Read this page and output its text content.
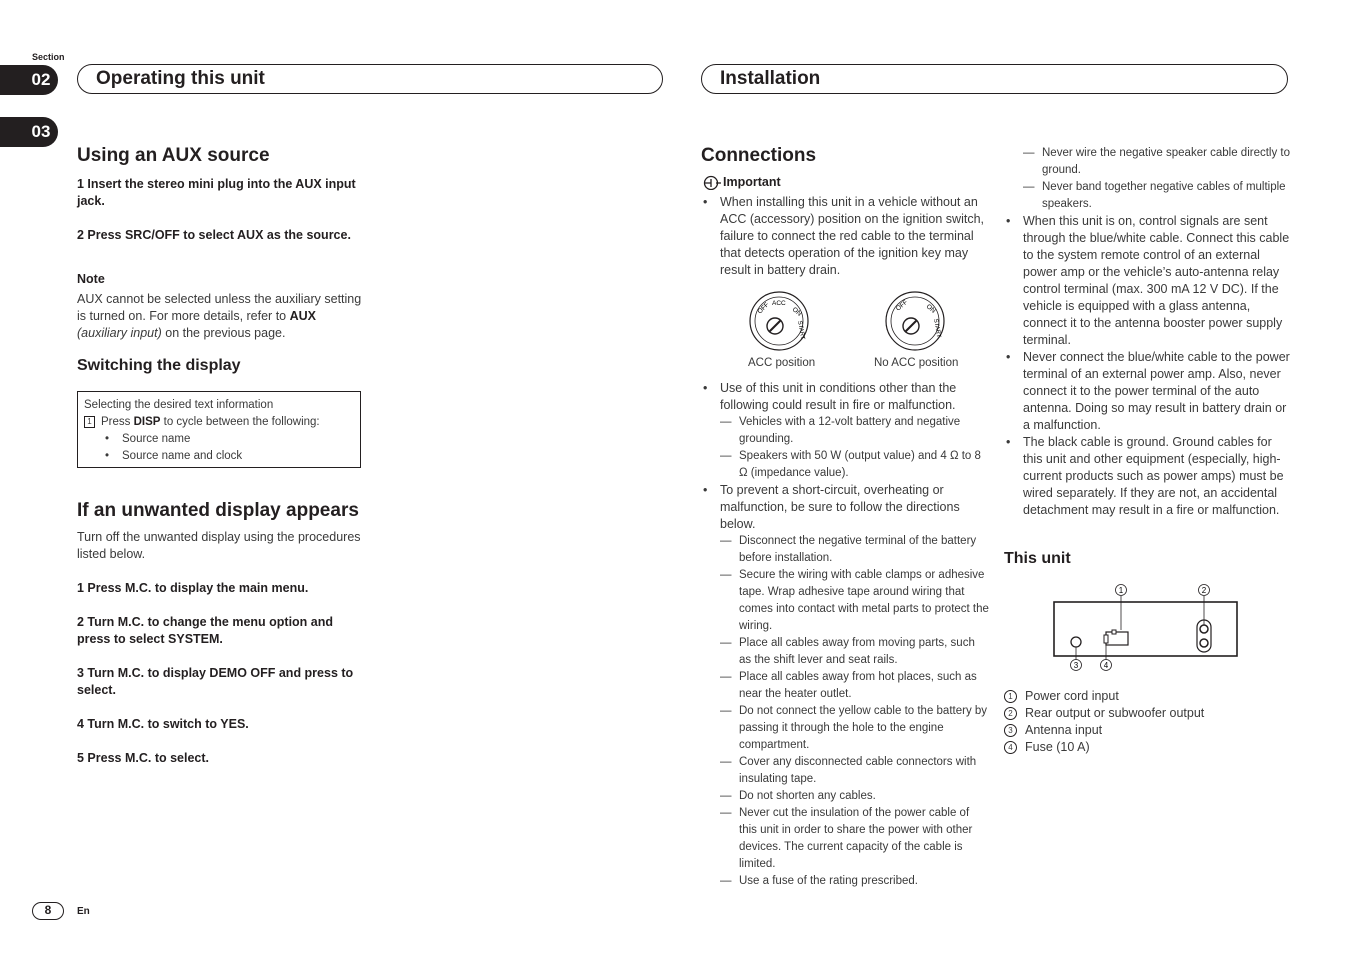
Section
02
03
Operating this unit	Installation
Using an AUX source
1 Insert the stereo mini plug into the AUX input jack.
2 Press SRC/OFF to select AUX as the source.
Note
AUX cannot be selected unless the auxiliary setting is turned on. For more details, refer to AUX (auxiliary input) on the previous page.
Switching the display
Selecting the desired text information
1 Press DISP to cycle between the following:
• Source name
• Source name and clock
If an unwanted display appears
Turn off the unwanted display using the procedures listed below.
1 Press M.C. to display the main menu.
2 Turn M.C. to change the menu option and press to select SYSTEM.
3 Turn M.C. to display DEMO OFF and press to select.
4 Turn M.C. to switch to YES.
5 Press M.C. to select.
Connections
Important
• When installing this unit in a vehicle without an ACC (accessory) position on the ignition switch, failure to connect the red cable to the terminal that detects operation of the ignition key may result in battery drain.
OFF ACC
ON
START
ACC position
OFF ON
START
No ACC position
• Use of this unit in conditions other than the following could result in fire or malfunction.
— Vehicles with a 12-volt battery and negative grounding.
— Speakers with 50 W (output value) and 4 Ω to 8 Ω (impedance value).
• To prevent a short-circuit, overheating or malfunction, be sure to follow the directions below.
— Disconnect the negative terminal of the battery before installation.
— Secure the wiring with cable clamps or adhesive tape. Wrap adhesive tape around wiring that comes into contact with metal parts to protect the wiring.
— Place all cables away from moving parts, such as the shift lever and seat rails.
— Place all cables away from hot places, such as near the heater outlet.
— Do not connect the yellow cable to the battery by passing it through the hole to the engine compartment.
— Cover any disconnected cable connectors with insulating tape.
— Do not shorten any cables.
— Never cut the insulation of the power cable of this unit in order to share the power with other devices. The current capacity of the cable is limited.
— Use a fuse of the rating prescribed.
— Never wire the negative speaker cable directly to ground.
— Never band together negative cables of multiple speakers.
• When this unit is on, control signals are sent through the blue/white cable. Connect this cable to the system remote control of an external power amp or the vehicle’s auto-antenna relay control terminal (max. 300 mA 12 V DC). If the vehicle is equipped with a glass antenna, connect it to the antenna booster power supply terminal.
• Never connect the blue/white cable to the power terminal of an external power amp. Also, never connect it to the power terminal of the auto antenna. Doing so may result in battery drain or a malfunction.
• The black cable is ground. Ground cables for this unit and other equipment (especially, high-current products such as power amps) must be wired separately. If they are not, an accidental detachment may result in a fire or malfunction.
This unit
1	2
3	4
1 Power cord input
2 Rear output or subwoofer output
3 Antenna input
4 Fuse (10 A)
8	En
